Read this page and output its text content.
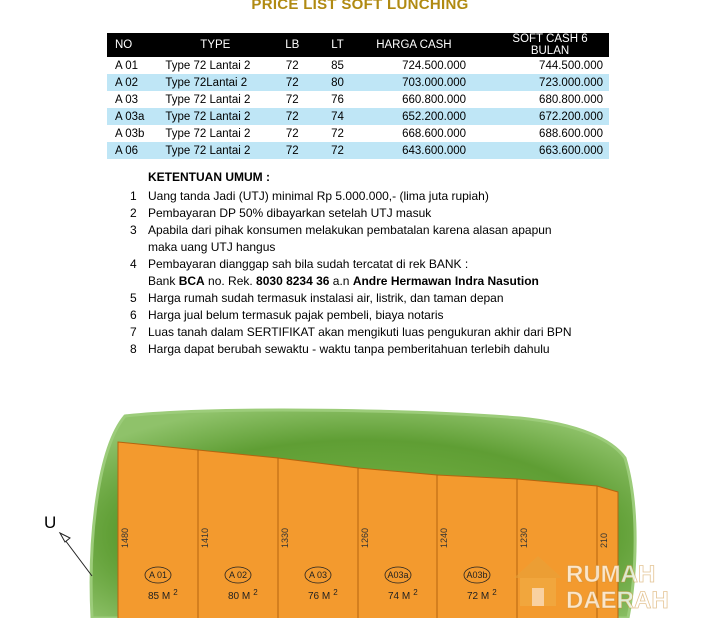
PRICE LIST SOFT LUNCHING
NO	TYPE	LB	LT	HARGA CASH	SOFT CASH 6 BULAN
A 01	Type 72 Lantai 2	72	85	724.500.000	744.500.000
A 02	Type 72Lantai 2	72	80	703.000.000	723.000.000
A 03	Type 72 Lantai 2	72	76	660.800.000	680.800.000
A 03a	Type 72 Lantai 2	72	74	652.200.000	672.200.000
A 03b	Type 72 Lantai 2	72	72	668.600.000	688.600.000
A 06	Type 72 Lantai 2	72	72	643.600.000	663.600.000
KETENTUAN UMUM :
1 Uang tanda Jadi (UTJ) minimal Rp 5.000.000,- (lima juta rupiah)
2 Pembayaran DP 50% dibayarkan setelah UTJ masuk
3 Apabila dari pihak konsumen melakukan pembatalan karena alasan apapun
maka uang UTJ hangus
4 Pembayaran dianggap sah bila sudah tercatat di rek BANK :
Bank BCA no. Rek. 8030 8234 36 a.n Andre Hermawan Indra Nasution
5 Harga rumah sudah termasuk instalasi air, listrik, dan taman depan
6 Harga jual belum termasuk pajak pembeli, biaya notaris
7 Luas tanah dalam SERTIFIKAT akan mengikuti luas pengukuran akhir dari BPN
8 Harga dapat berubah sewaktu - waktu tanpa pemberitahuan terlebih dahulu
1480
A 01
85 M $^2$
1410
A 02
80 M $^2$
1330
A 03
76 M $^2$
1260
A03a
74 M $^2$
1240
A03b
72 M $^2$
1230	210
U
RUMAH
DAERAH .COM
